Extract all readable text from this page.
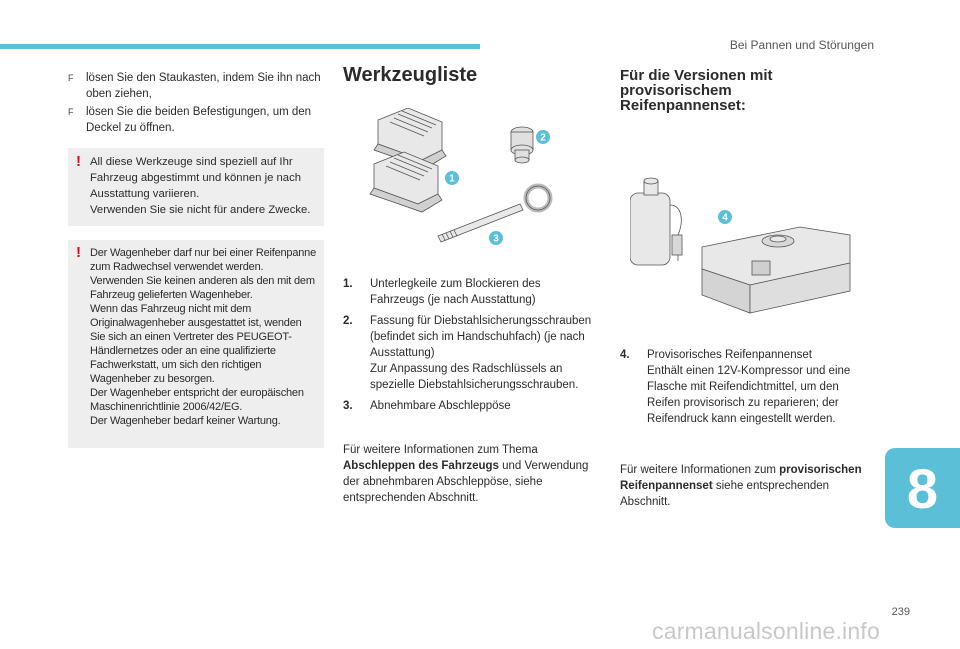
Bei Pannen und Störungen
F lösen Sie den Staukasten, indem Sie ihn nach oben ziehen,
F lösen Sie die beiden Befestigungen, um den Deckel zu öffnen.
! All diese Werkzeuge sind speziell auf Ihr Fahrzeug abgestimmt und können je nach Ausstattung variieren.

Verwenden Sie sie nicht für andere Zwecke.

! Der Wagenheber darf nur bei einer Reifenpanne zum Radwechsel verwendet werden.

Verwenden Sie keinen anderen als den mit dem Fahrzeug gelieferten Wagenheber.

Wenn das Fahrzeug nicht mit dem Originalwagenheber ausgestattet ist, wenden Sie sich an einen Vertreter des PEUGEOT-Händlernetzes oder an eine qualifizierte Fachwerkstatt, um sich den richtigen Wagenheber zu besorgen.

Der Wagenheber entspricht der europäischen Maschinenrichtlinie 2006/42/EG.

Der Wagenheber bedarf keiner Wartung.

Werkzeugliste
1
2
3
1. Unterlegkeile zum Blockieren des Fahrzeugs (je nach Ausstattung)
2. Fassung für Diebstahlsicherungsschrauben (befindet sich im Handschuhfach) (je nach Ausstattung)
Zur Anpassung des Radschlüssels an spezielle Diebstahlsicherungsschrauben.
3. Abnehmbare Abschleppöse
Für weitere Informationen zum Thema Abschleppen des Fahrzeugs und Verwendung der abnehmbaren Abschleppöse, siehe entsprechenden Abschnitt.
Für die Versionen mit provisorischem Reifenpannenset:
4
4. Provisorisches Reifenpannenset
Enthält einen 12V-Kompressor und eine Flasche mit Reifendichtmittel, um den Reifen provisorisch zu reparieren; der Reifendruck kann eingestellt werden.
Für weitere Informationen zum provisorischen Reifenpannenset siehe entsprechenden Abschnitt.	8
239
carmanualsonline.info
